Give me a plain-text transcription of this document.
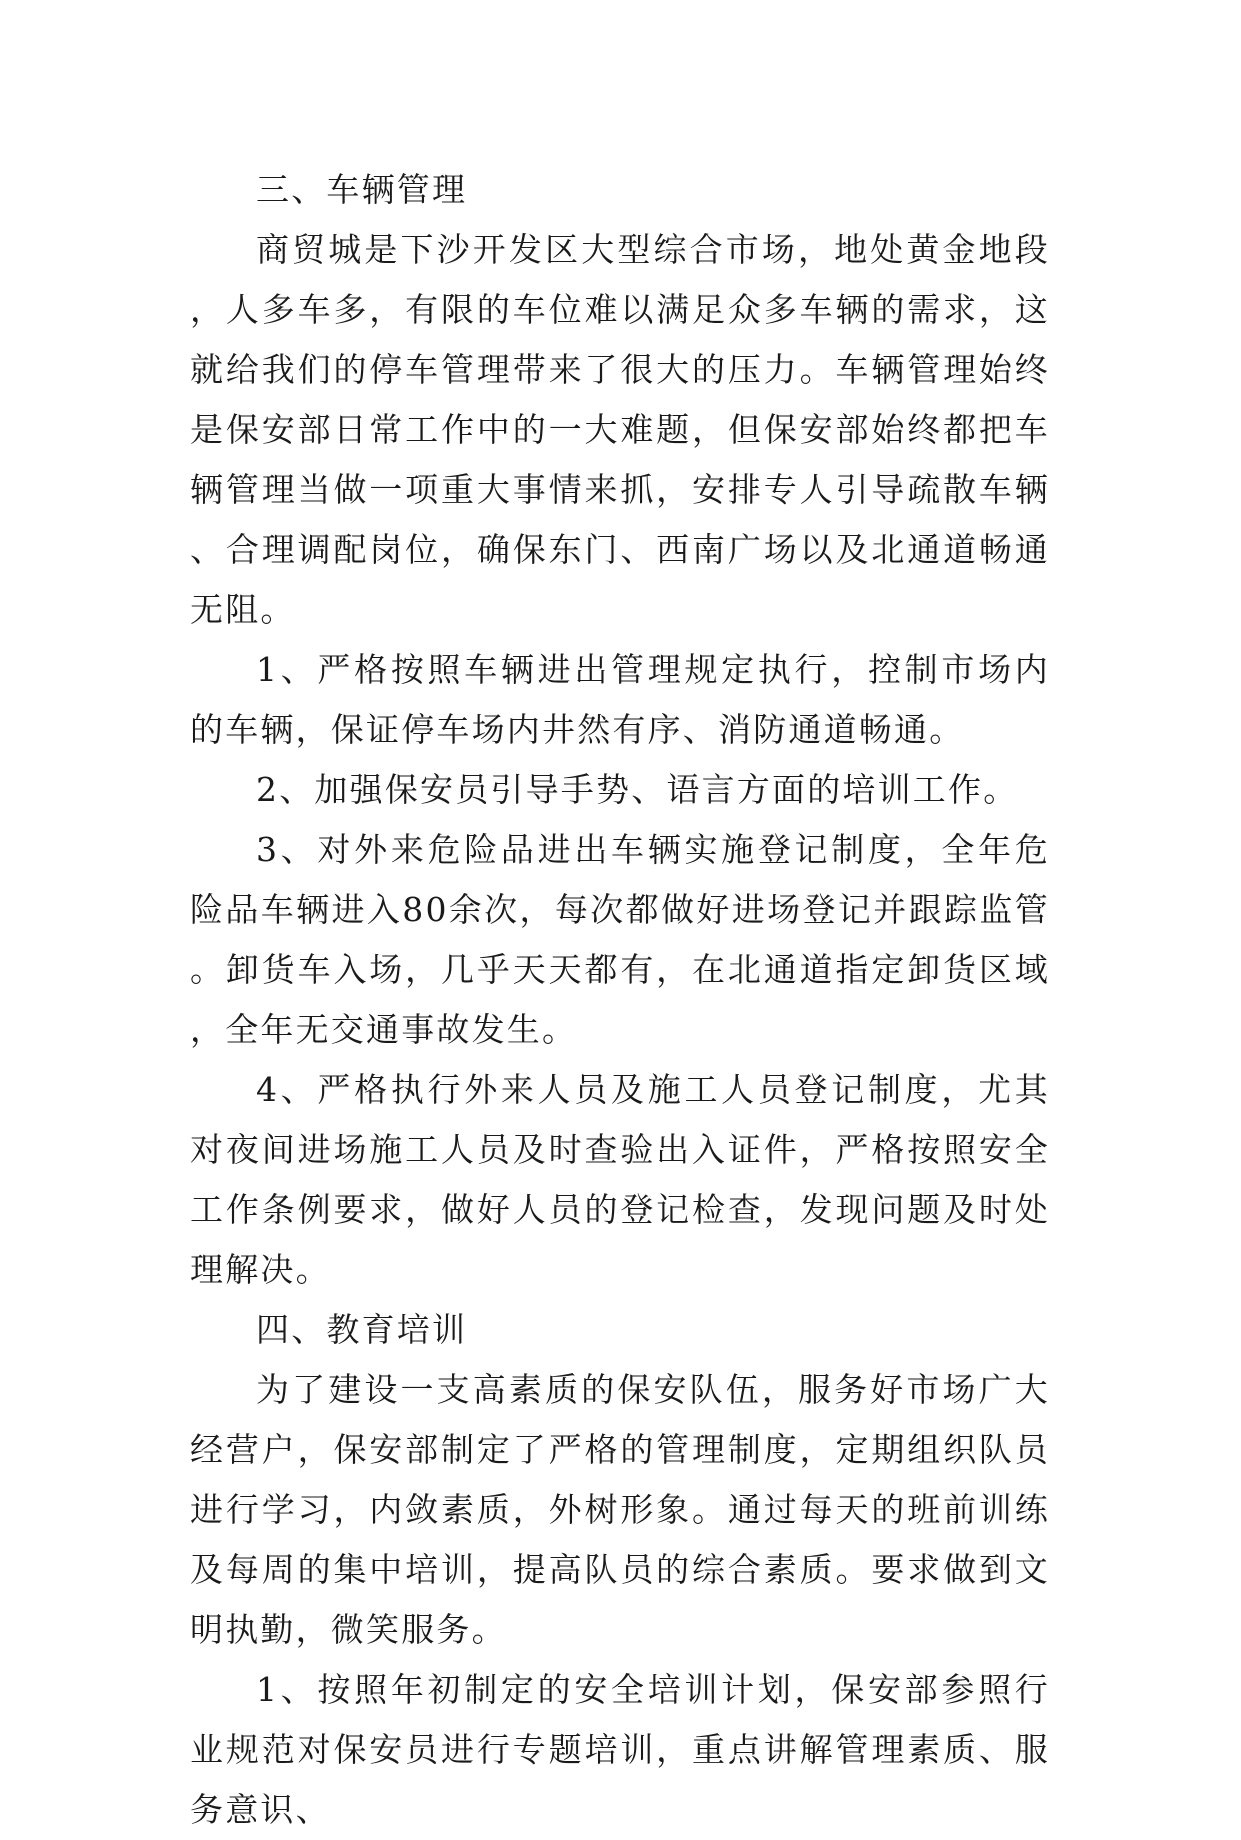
三、车辆管理

商贸城是下沙开发区大型综合市场，地处黄金地段，人多车多，有限的车位难以满足众多车辆的需求，这就给我们的停车管理带来了很大的压力。车辆管理始终是保安部日常工作中的一大难题，但保安部始终都把车辆管理当做一项重大事情来抓，安排专人引导疏散车辆、合理调配岗位，确保东门、西南广场以及北通道畅通无阻。

1、严格按照车辆进出管理规定执行，控制市场内的车辆，保证停车场内井然有序、消防通道畅通。

2、加强保安员引导手势、语言方面的培训工作。

3、对外来危险品进出车辆实施登记制度，全年危险品车辆进入80余次，每次都做好进场登记并跟踪监管。卸货车入场，几乎天天都有，在北通道指定卸货区域，全年无交通事故发生。

4、严格执行外来人员及施工人员登记制度，尤其对夜间进场施工人员及时查验出入证件，严格按照安全工作条例要求，做好人员的登记检查，发现问题及时处理解决。

四、教育培训

为了建设一支高素质的保安队伍，服务好市场广大经营户，保安部制定了严格的管理制度，定期组织队员进行学习，内敛素质，外树形象。通过每天的班前训练及每周的集中培训，提高队员的综合素质。要求做到文明执勤，微笑服务。

1、按照年初制定的安全培训计划，保安部参照行业规范对保安员进行专题培训，重点讲解管理素质、服务意识、
